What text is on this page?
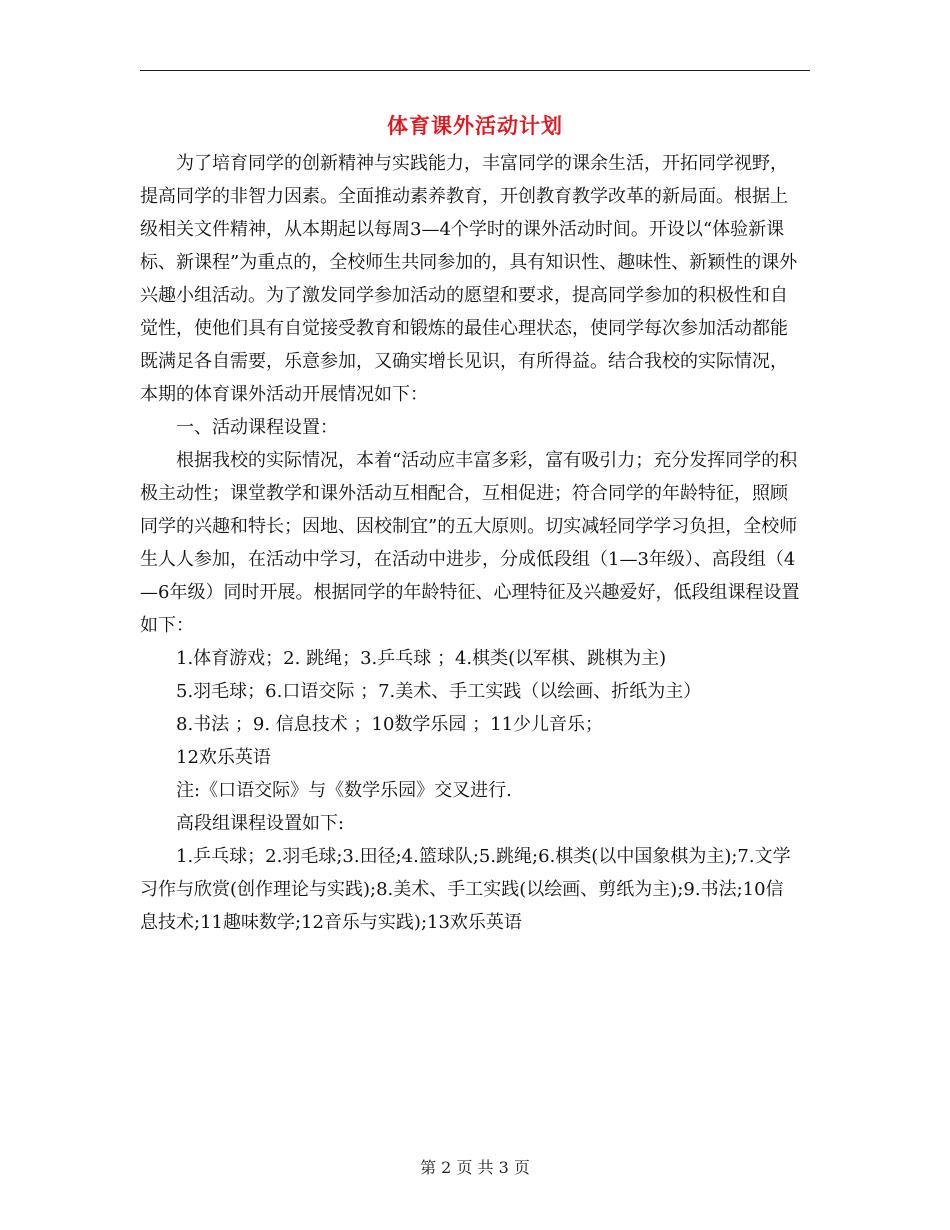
体育课外活动计划

为了培育同学的创新精神与实践能力，丰富同学的课余生活，开拓同学视野，提高同学的非智力因素。全面推动素养教育，开创教育教学改革的新局面。根据上级相关文件精神，从本期起以每周3—4个学时的课外活动时间。开设以“体验新课标、新课程”为重点的，全校师生共同参加的，具有知识性、趣味性、新颖性的课外兴趣小组活动。为了激发同学参加活动的愿望和要求，提高同学参加的积极性和自觉性，使他们具有自觉接受教育和锻炼的最佳心理状态，使同学每次参加活动都能既满足各自需要，乐意参加，又确实增长见识，有所得益。结合我校的实际情况，本期的体育课外活动开展情况如下：

一、活动课程设置：

根据我校的实际情况，本着“活动应丰富多彩，富有吸引力；充分发挥同学的积极主动性；课堂教学和课外活动互相配合，互相促进；符合同学的年龄特征，照顾同学的兴趣和特长；因地、因校制宜”的五大原则。切实减轻同学学习负担，全校师生人人参加，在活动中学习，在活动中进步，分成低段组（1—3年级）、高段组（4—6年级）同时开展。根据同学的年龄特征、心理特征及兴趣爱好，低段组课程设置如下：

1.体育游戏；2. 跳绳；3.乒乓球 ；4.棋类(以军棋、跳棋为主)

5.羽毛球；6.口语交际 ；7.美术、手工实践（以绘画、折纸为主）

8.书法 ；9. 信息技术 ；10数学乐园 ；11少儿音乐；

12欢乐英语

注:《口语交际》与《数学乐园》交叉进行.

高段组课程设置如下:

1.乒乓球；2.羽毛球;3.田径;4.篮球队;5.跳绳;6.棋类(以中国象棋为主);7.文学习作与欣赏(创作理论与实践);8.美术、手工实践(以绘画、剪纸为主);9.书法;10信息技术;11趣味数学;12音乐与实践);13欢乐英语

第 2 页 共 3 页
